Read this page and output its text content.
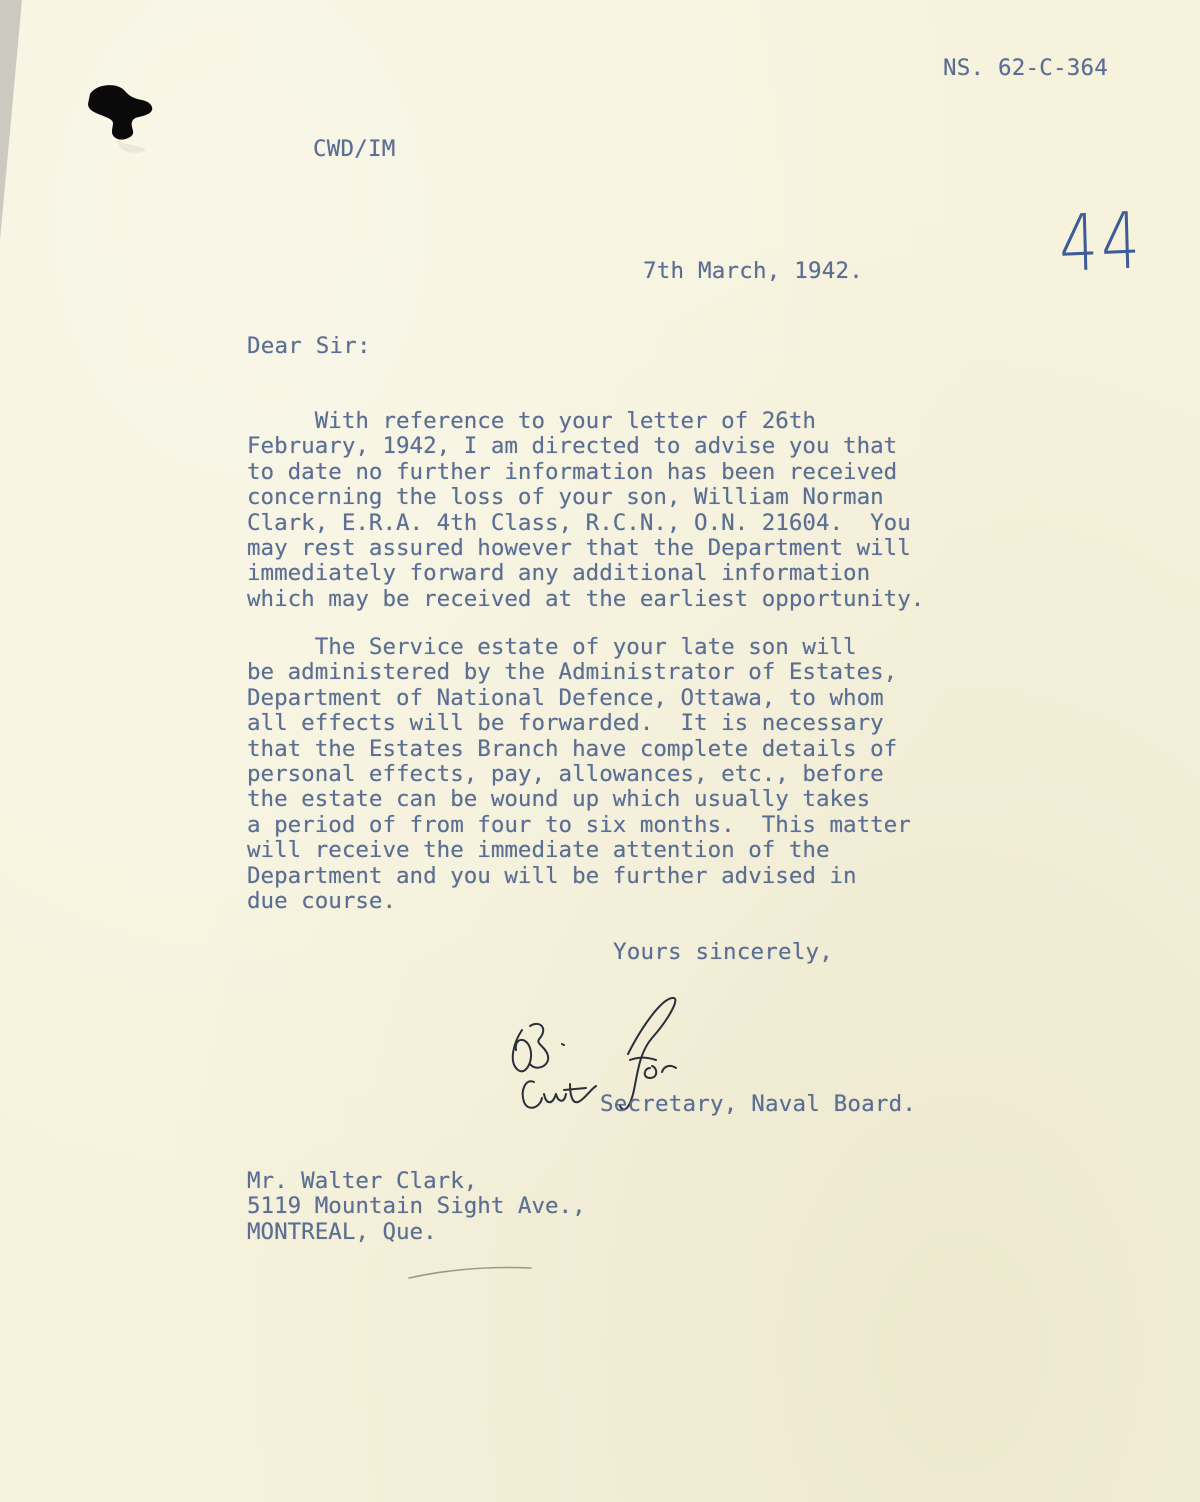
NS. 62-C-364
CWD/IM
44
7th March, 1942.
Dear Sir:
With reference to your letter of 26th
February, 1942, I am directed to advise you that
to date no further information has been received
concerning the loss of your son, William Norman
Clark, E.R.A. 4th Class, R.C.N., O.N. 21604.  You
may rest assured however that the Department will
immediately forward any additional information
which may be received at the earliest opportunity.
The Service estate of your late son will
be administered by the Administrator of Estates,
Department of National Defence, Ottawa, to whom
all effects will be forwarded.  It is necessary
that the Estates Branch have complete details of
personal effects, pay, allowances, etc., before
the estate can be wound up which usually takes
a period of from four to six months.  This matter
will receive the immediate attention of the
Department and you will be further advised in
due course.
Yours sincerely,
Secretary, Naval Board.
Mr. Walter Clark,
5119 Mountain Sight Ave.,
MONTREAL, Que.
